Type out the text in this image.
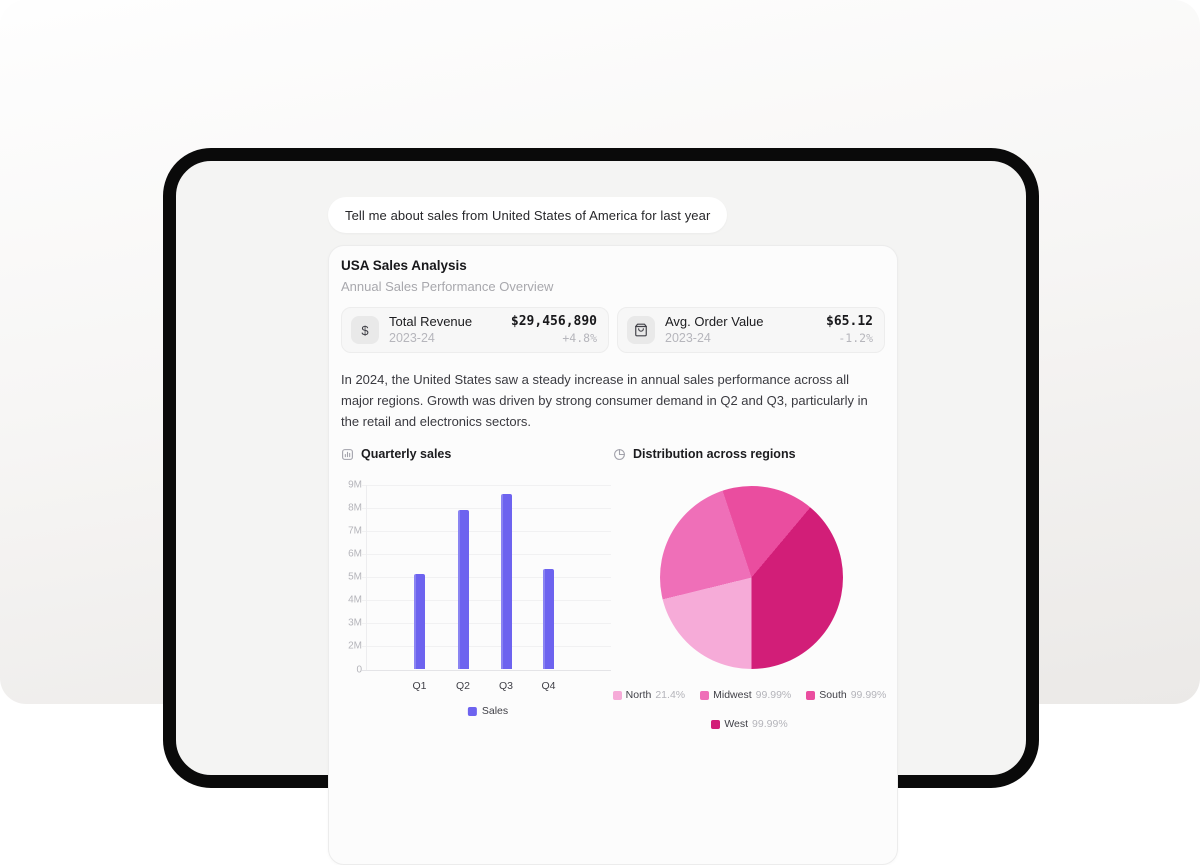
Tell me about sales from United States of America for last year
USA Sales Analysis
Annual Sales Performance Overview
$
Total Revenue
2023-24
$29,456,890
+4.8%
Avg. Order Value
2023-24
$65.12
-1.2%

In 2024, the United States saw a steady increase in annual sales performance across all major regions. Growth was driven by strong consumer demand in Q2 and Q3, particularly in the retail and electronics sectors.

Quarterly sales
Sales
9M
8M
7M
6M
5M
4M
3M
2M
0
Q1	Q2	Q3	Q4
Distribution across regions
North 21.4%	Midwest 99.99%	South 99.99%
West 99.99%
